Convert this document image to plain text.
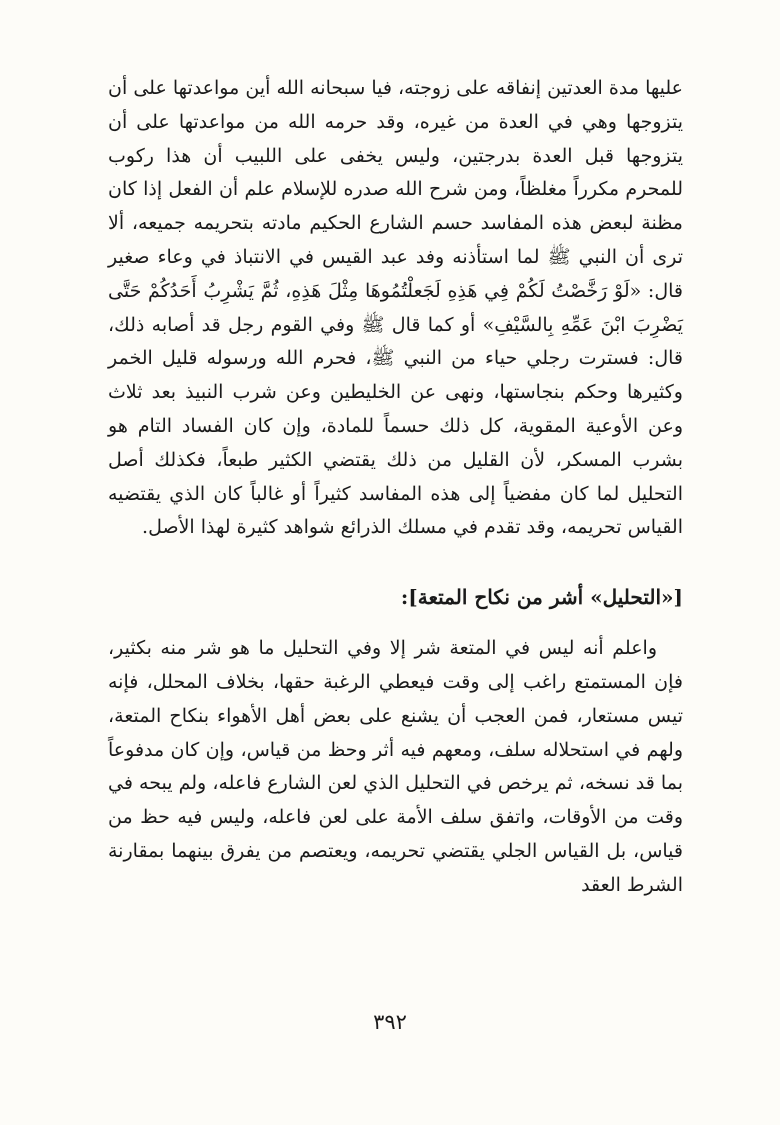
عليها مدة العدتين إنفاقه على زوجته، فيا سبحانه الله أين مواعدتها على أن يتزوجها وهي في العدة من غيره، وقد حرمه الله من مواعدتها على أن يتزوجها قبل العدة بدرجتين، وليس يخفى على اللبيب أن هذا ركوب للمحرم مكرراً مغلظاً، ومن شرح الله صدره للإسلام علم أن الفعل إذا كان مظنة لبعض هذه المفاسد حسم الشارع الحكيم مادته بتحريمه جميعه، ألا ترى أن النبي ﷺ لما استأذنه وفد عبد القيس في الانتباذ في وعاء صغير قال: «لَوْ رَخَّصْتُ لَكُمْ فِي هَذِهِ لَجَعلْتُمُوهَا مِثْلَ هَذِهِ، ثُمَّ يَشْرِبُ أَحَدُكُمْ حَتَّى يَضْرِبَ ابْنَ عَمِّهِ بِالسَّيْفِ» أو كما قال ﷺ وفي القوم رجل قد أصابه ذلك، قال: فسترت رجلي حياء من النبي ﷺ، فحرم الله ورسوله قليل الخمر وكثيرها وحكم بنجاستها، ونهى عن الخليطين وعن شرب النبيذ بعد ثلاث وعن الأوعية المقوية، كل ذلك حسماً للمادة، وإن كان الفساد التام هو بشرب المسكر، لأن القليل من ذلك يقتضي الكثير طبعاً، فكذلك أصل التحليل لما كان مفضياً إلى هذه المفاسد كثيراً أو غالباً كان الذي يقتضيه القياس تحريمه، وقد تقدم في مسلك الذرائع شواهد كثيرة لهذا الأصل.

[«التحليل» أشر من نكاح المتعة]:

واعلم أنه ليس في المتعة شر إلا وفي التحليل ما هو شر منه بكثير، فإن المستمتع راغب إلى وقت فيعطي الرغبة حقها، بخلاف المحلل، فإنه تيس مستعار، فمن العجب أن يشنع على بعض أهل الأهواء بنكاح المتعة، ولهم في استحلاله سلف، ومعهم فيه أثر وحظ من قياس، وإن كان مدفوعاً بما قد نسخه، ثم يرخص في التحليل الذي لعن الشارع فاعله، ولم يبحه في وقت من الأوقات، واتفق سلف الأمة على لعن فاعله، وليس فيه حظ من قياس، بل القياس الجلي يقتضي تحريمه، ويعتصم من يفرق بينهما بمقارنة الشرط العقد

٣٩٢
